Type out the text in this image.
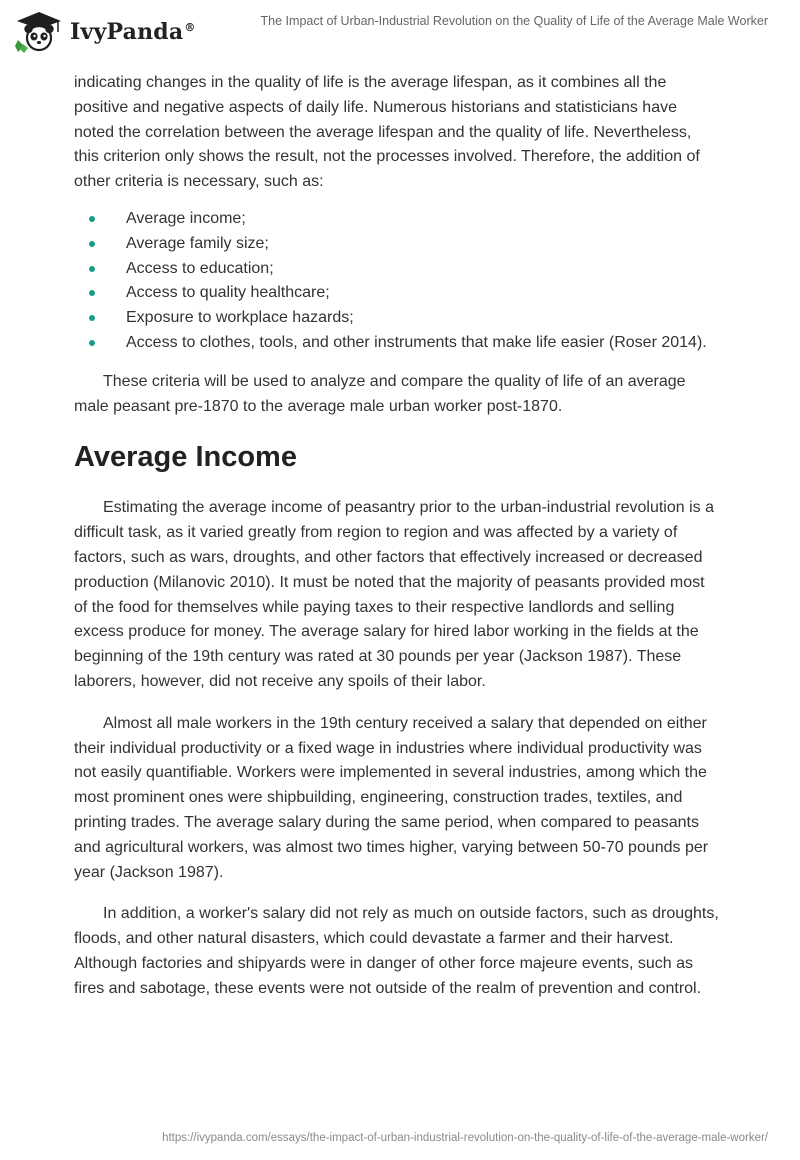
IvyPanda®	The Impact of Urban-Industrial Revolution on the Quality of Life of the Average Male Worker

indicating changes in the quality of life is the average lifespan, as it combines all the positive and negative aspects of daily life. Numerous historians and statisticians have noted the correlation between the average lifespan and the quality of life. Nevertheless, this criterion only shows the result, not the processes involved. Therefore, the addition of other criteria is necessary, such as:

Average income;
Average family size;
Access to education;
Access to quality healthcare;
Exposure to workplace hazards;
Access to clothes, tools, and other instruments that make life easier (Roser 2014).

These criteria will be used to analyze and compare the quality of life of an average male peasant pre-1870 to the average male urban worker post-1870.

Average Income

Estimating the average income of peasantry prior to the urban-industrial revolution is a difficult task, as it varied greatly from region to region and was affected by a variety of factors, such as wars, droughts, and other factors that effectively increased or decreased production (Milanovic 2010). It must be noted that the majority of peasants provided most of the food for themselves while paying taxes to their respective landlords and selling excess produce for money. The average salary for hired labor working in the fields at the beginning of the 19th century was rated at 30 pounds per year (Jackson 1987). These laborers, however, did not receive any spoils of their labor.

Almost all male workers in the 19th century received a salary that depended on either their individual productivity or a fixed wage in industries where individual productivity was not easily quantifiable. Workers were implemented in several industries, among which the most prominent ones were shipbuilding, engineering, construction trades, textiles, and printing trades. The average salary during the same period, when compared to peasants and agricultural workers, was almost two times higher, varying between 50-70 pounds per year (Jackson 1987).

In addition, a worker's salary did not rely as much on outside factors, such as droughts, floods, and other natural disasters, which could devastate a farmer and their harvest. Although factories and shipyards were in danger of other force majeure events, such as fires and sabotage, these events were not outside of the realm of prevention and control.

https://ivypanda.com/essays/the-impact-of-urban-industrial-revolution-on-the-quality-of-life-of-the-average-male-worker/
